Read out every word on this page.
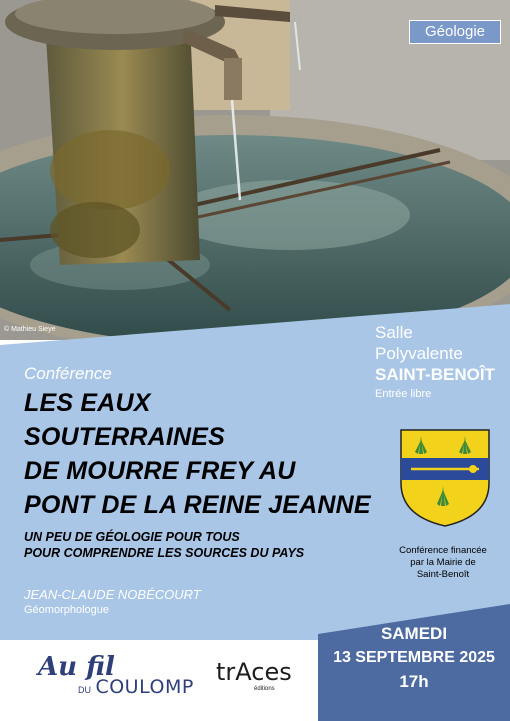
Géologie
© Mathieu Sieye	Salle
Polyvalente
SAINT-BENOÎT
Entrée libre
Conférence
LES EAUX
SOUTERRAINES
DE MOURRE FREY AU
PONT DE LA REINE JEANNE
UN PEU DE GÉOLOGIE POUR TOUS
POUR COMPRENDRE LES SOURCES DU PAYS
JEAN-CLAUDE NOBÉCOURT
Géomorphologue
Conférence financée
par la Mairie de
Saint-Benoît
SAMEDI
13 SEPTEMBRE 2025
17h
Au fil
DU COULOMP
trAces
éditions
